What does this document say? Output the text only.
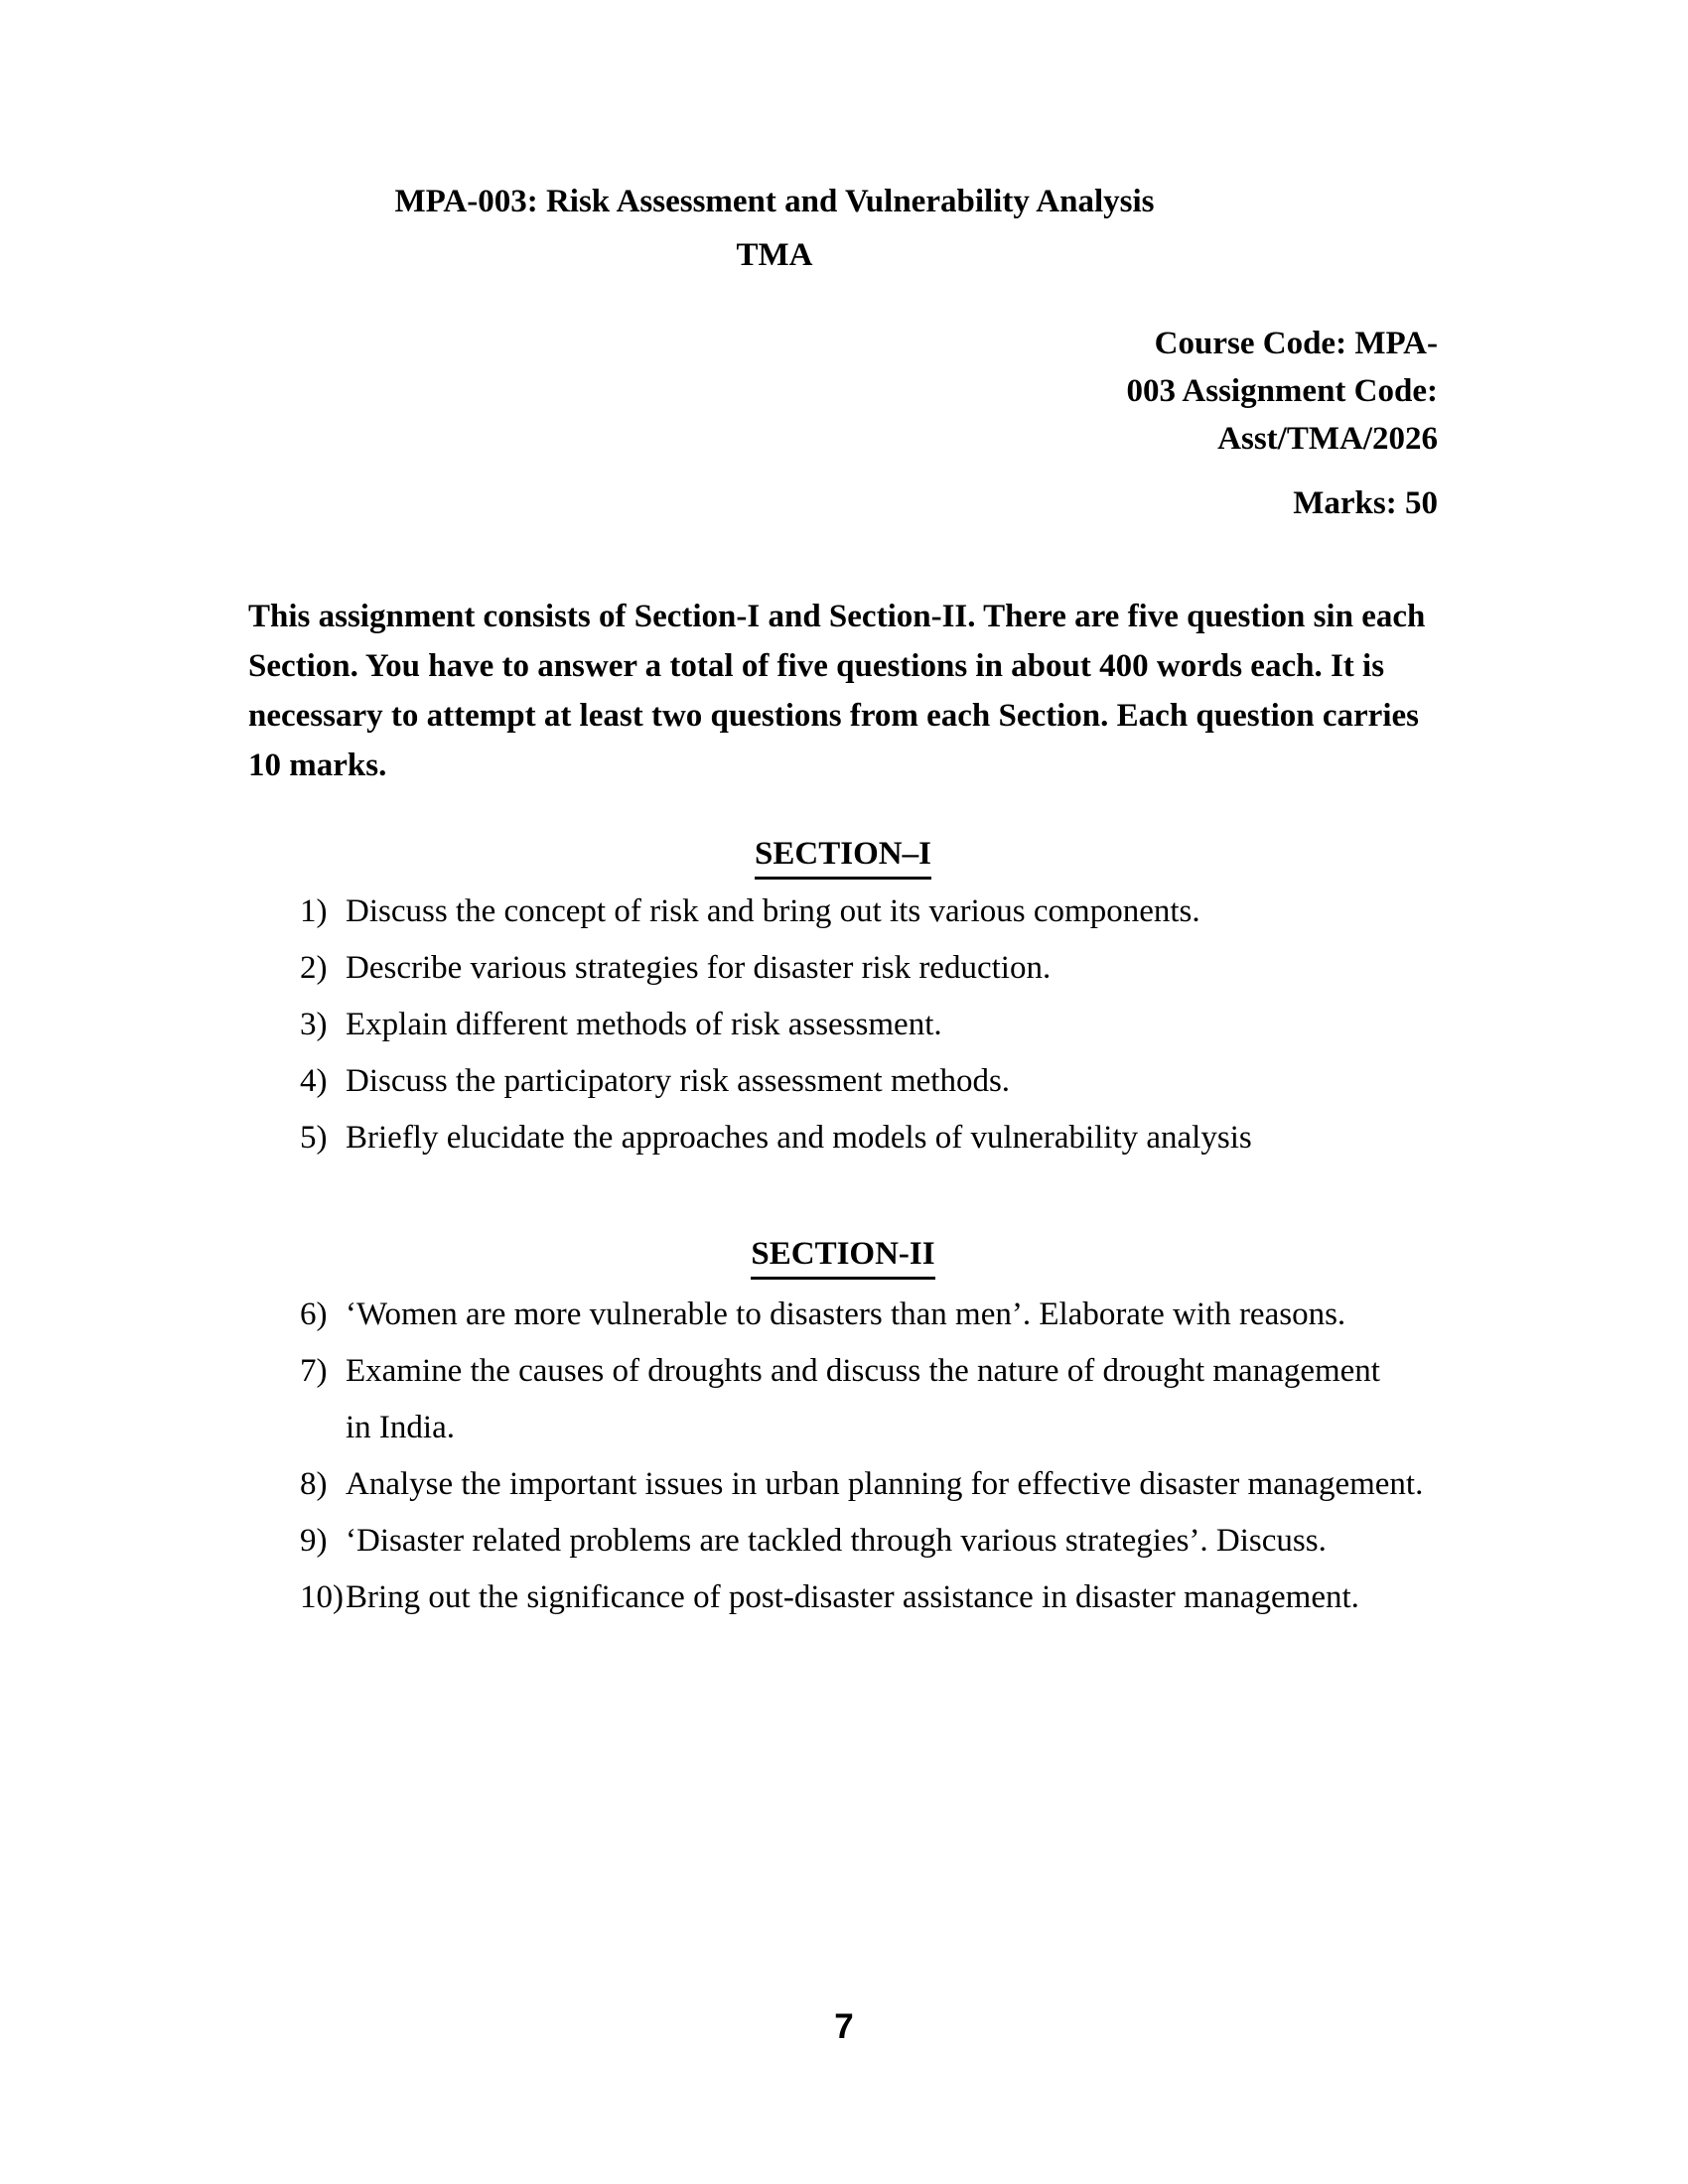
MPA-003: Risk Assessment and Vulnerability Analysis
TMA
Course Code: MPA-
003 Assignment Code:
Asst/TMA/2026
Marks: 50
This assignment consists of Section-I and Section-II. There are five question sin each
Section. You have to answer a total of five questions in about 400 words each. It is
necessary to attempt at least two questions from each Section. Each question carries
10 marks.
SECTION–I
1) Discuss the concept of risk and bring out its various components.
2) Describe various strategies for disaster risk reduction.
3) Explain different methods of risk assessment.
4) Discuss the participatory risk assessment methods.
5) Briefly elucidate the approaches and models of vulnerability analysis
SECTION-II
6) ‘Women are more vulnerable to disasters than men’. Elaborate with reasons.
7) Examine the causes of droughts and discuss the nature of drought management
in India.
8) Analyse the important issues in urban planning for effective disaster management.
9) ‘Disaster related problems are tackled through various strategies’. Discuss.
10) Bring out the significance of post-disaster assistance in disaster management.
7
